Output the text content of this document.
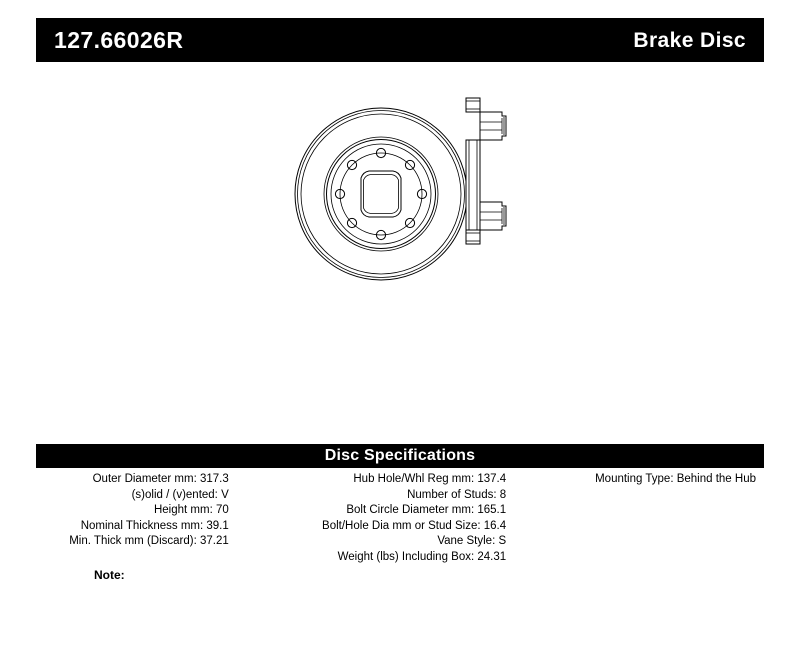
127.66026R	Brake Disc
Disc Specifications
Outer Diameter mm: 317.3
(s)olid / (v)ented: V
Height mm: 70
Nominal Thickness mm: 39.1
Min. Thick mm (Discard): 37.21
Hub Hole/Whl Reg mm: 137.4
Number of Studs: 8
Bolt Circle Diameter mm: 165.1
Bolt/Hole Dia mm or Stud Size: 16.4
Vane Style: S
Weight (lbs) Including Box: 24.31
Mounting Type: Behind the Hub
Note:
